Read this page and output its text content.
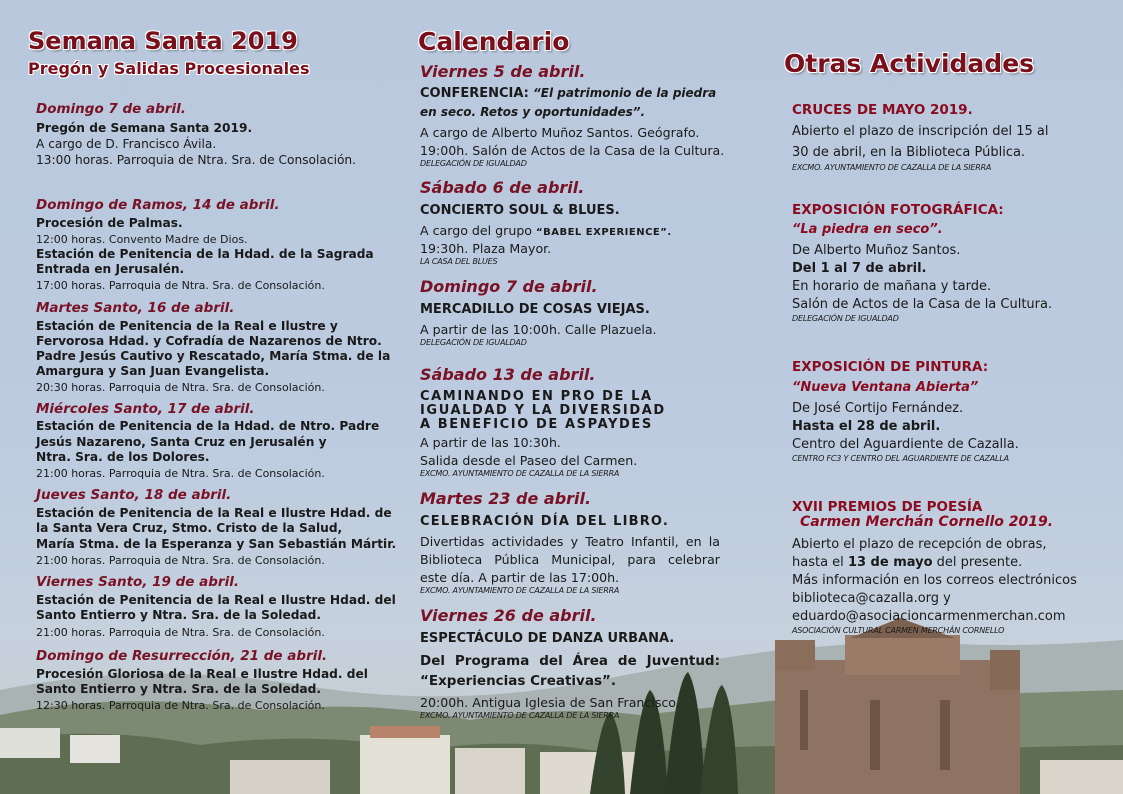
Semana Santa 2019
Pregón y Salidas Procesionales
Domingo 7 de abril.
Pregón de Semana Santa 2019.
A cargo de D. Francisco Ávila.
13:00 horas. Parroquia de Ntra. Sra. de Consolación.
Domingo de Ramos, 14 de abril.
Procesión de Palmas.
12:00 horas. Convento Madre de Dios.
Estación de Penitencia de la Hdad. de la Sagrada
Entrada en Jerusalén.
17:00 horas. Parroquia de Ntra. Sra. de Consolación.
Martes Santo, 16 de abril.
Estación de Penitencia de la Real e Ilustre y
Fervorosa Hdad. y Cofradía de Nazarenos de Ntro.
Padre Jesús Cautivo y Rescatado, María Stma. de la
Amargura y San Juan Evangelista.
20:30 horas. Parroquia de Ntra. Sra. de Consolación.
Miércoles Santo, 17 de abril.
Estación de Penitencia de la Hdad. de Ntro. Padre
Jesús Nazareno, Santa Cruz en Jerusalén y
Ntra. Sra. de los Dolores.
21:00 horas. Parroquia de Ntra. Sra. de Consolación.
Jueves Santo, 18 de abril.
Estación de Penitencia de la Real e Ilustre Hdad. de
la Santa Vera Cruz, Stmo. Cristo de la Salud,
María Stma. de la Esperanza y San Sebastián Mártir.
21:00 horas. Parroquia de Ntra. Sra. de Consolación.
Viernes Santo, 19 de abril.
Estación de Penitencia de la Real e Ilustre Hdad. del
Santo Entierro y Ntra. Sra. de la Soledad.
21:00 horas. Parroquia de Ntra. Sra. de Consolación.
Domingo de Resurrección, 21 de abril.
Procesión Gloriosa de la Real e Ilustre Hdad. del
Santo Entierro y Ntra. Sra. de la Soledad.
12:30 horas. Parroquia de Ntra. Sra. de Consolación.
Calendario
Viernes 5 de abril.
CONFERENCIA: “El patrimonio de la piedra
en seco. Retos y oportunidades”.
A cargo de Alberto Muñoz Santos. Geógrafo.
19:00h. Salón de Actos de la Casa de la Cultura.
DELEGACIÓN DE IGUALDAD
Sábado 6 de abril.
CONCIERTO SOUL & BLUES.
A cargo del grupo “BABEL EXPERIENCE”.
19:30h. Plaza Mayor.
LA CASA DEL BLUES
Domingo 7 de abril.
MERCADILLO DE COSAS VIEJAS.
A partir de las 10:00h. Calle Plazuela.
DELEGACIÓN DE IGUALDAD
Sábado 13 de abril.
CAMINANDO EN PRO DE LA
IGUALDAD Y LA DIVERSIDAD
A BENEFICIO DE ASPAYDES
A partir de las 10:30h.
Salida desde el Paseo del Carmen.
EXCMO. AYUNTAMIENTO DE CAZALLA DE LA SIERRA
Martes 23 de abril.
CELEBRACIÓN DÍA DEL LIBRO.
Divertidas actividades y Teatro Infantil, en la
Biblioteca Pública Municipal, para celebrar
este día. A partir de las 17:00h.
EXCMO. AYUNTAMIENTO DE CAZALLA DE LA SIERRA
Viernes 26 de abril.
ESPECTÁCULO DE DANZA URBANA.
Del Programa del Área de Juventud:
“Experiencias Creativas”.
20:00h. Antigua Iglesia de San Francisco.
EXCMO. AYUNTAMIENTO DE CAZALLA DE LA SIERRA
Otras Actividades
CRUCES DE MAYO 2019.
Abierto el plazo de inscripción del 15 al
30 de abril, en la Biblioteca Pública.
EXCMO. AYUNTAMIENTO DE CAZALLA DE LA SIERRA
EXPOSICIÓN FOTOGRÁFICA:
“La piedra en seco”.
De Alberto Muñoz Santos.
Del 1 al 7 de abril.
En horario de mañana y tarde.
Salón de Actos de la Casa de la Cultura.
DELEGACIÓN DE IGUALDAD
EXPOSICIÓN DE PINTURA:
“Nueva Ventana Abierta”
De José Cortijo Fernández.
Hasta el 28 de abril.
Centro del Aguardiente de Cazalla.
CENTRO FC3 Y CENTRO DEL AGUARDIENTE DE CAZALLA
XVII PREMIOS DE POESÍA
Carmen Merchán Cornello 2019.
Abierto el plazo de recepción de obras,
hasta el 13 de mayo del presente.
Más información en los correos electrónicos
biblioteca@cazalla.org y
eduardo@asociacioncarmenmerchan.com
ASOCIACIÓN CULTURAL CARMEN MERCHÁN CORNELLO
